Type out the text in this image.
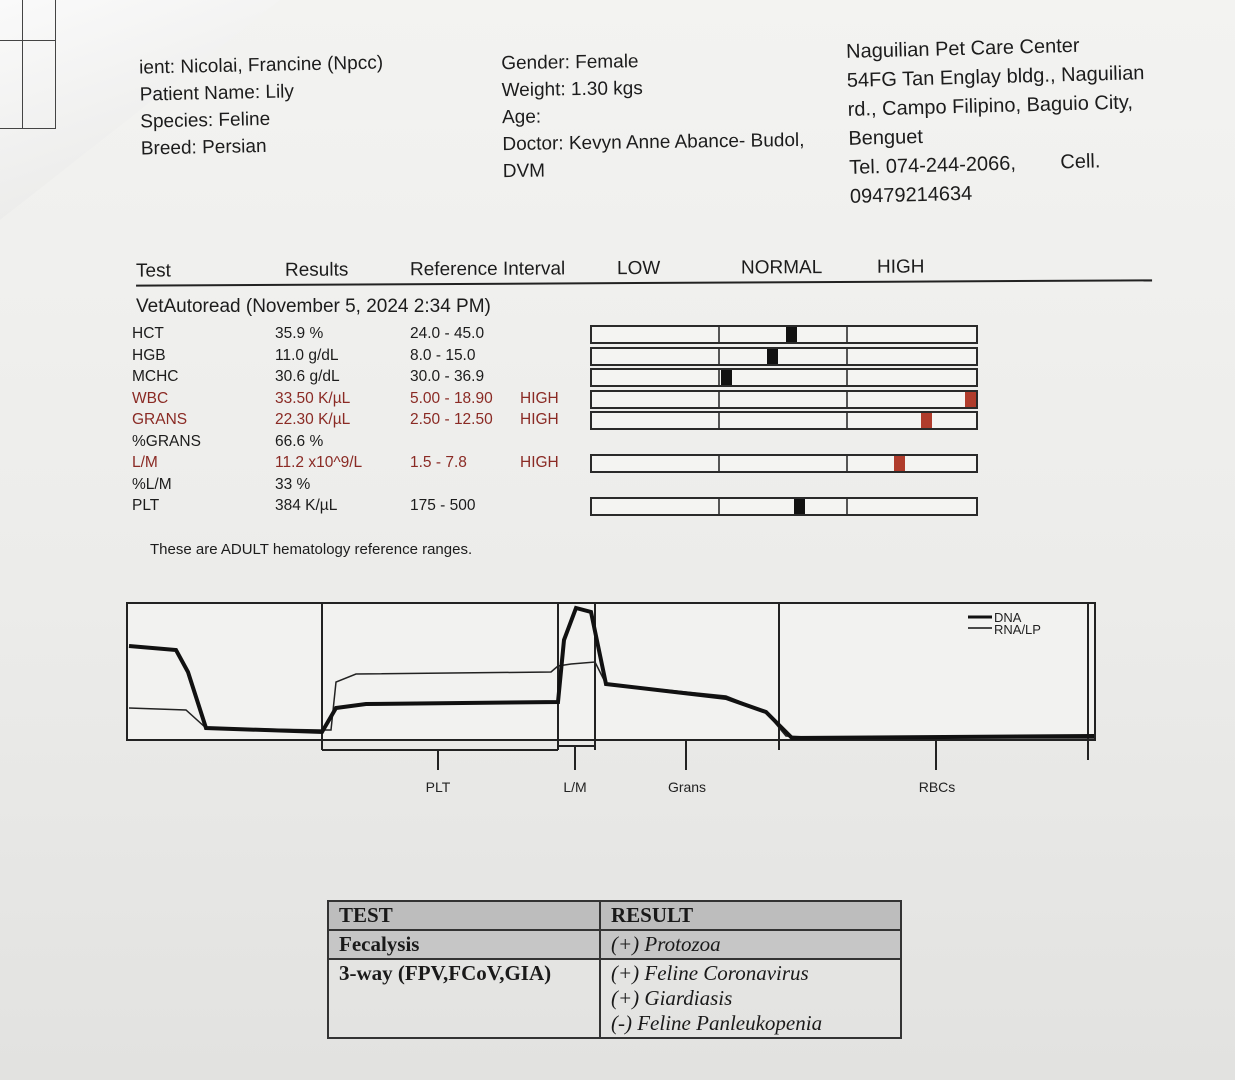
ient: Nicolai, Francine (Npcc)
Patient Name: Lily
Species: Feline
Breed: Persian
Gender: Female
Weight: 1.30 kgs
Age:
Doctor: Kevyn Anne Abance- Budol,
DVM
Naguilian Pet Care Center
54FG Tan Englay bldg., Naguilian
rd., Campo Filipino, Baguio City,
Benguet
Tel. 074-244-2066, Cell.
09479214634
Test	Results	Reference Interval	LOW	NORMAL	HIGH
VetAutoread (November 5, 2024 2:34 PM)
HCT	35.9 %	24.0 - 45.0
HGB	11.0 g/dL	8.0 - 15.0
MCHC	30.6 g/dL	30.0 - 36.9
WBC	33.50 K/µL	5.00 - 18.90 HIGH
GRANS	22.30 K/µL	2.50 - 12.50 HIGH
%GRANS	66.6 %
L/M	11.2 x10^9/L	1.5 - 7.8	HIGH
%L/M	33 %
PLT	384 K/µL	175 - 500
These are ADULT hematology reference ranges.
DNA
RNA/LP
PLT	L/M	Grans	RBCs
TEST	RESULT
Fecalysis	(+) Protozoa

3-way (FPV,FCoV,GIA)	(+) Feline Coronavirus
(+) Giardiasis
(-) Feline Panleukopenia
